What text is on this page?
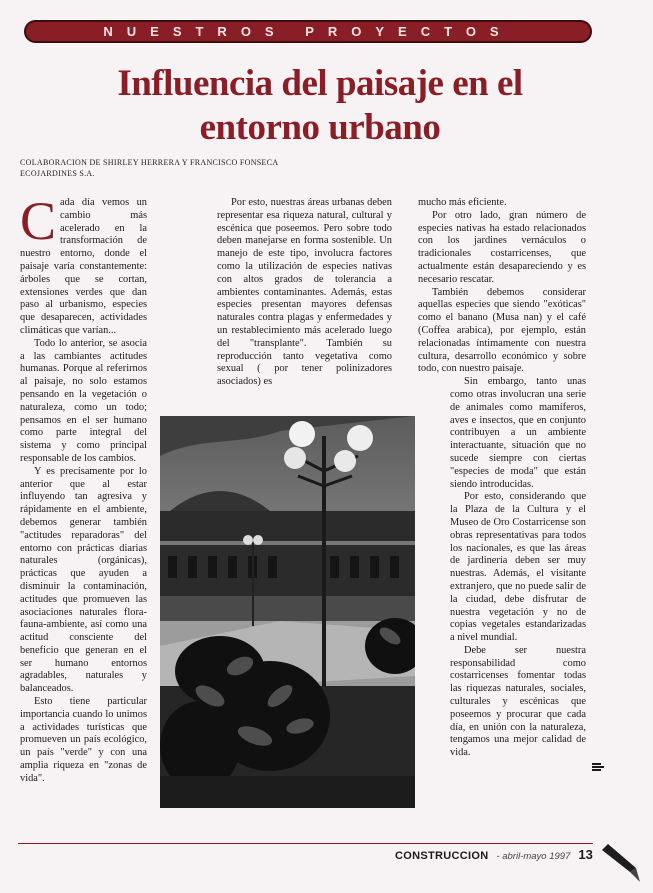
NUESTROS PROYECTOS
Influencia del paisaje en el
entorno urbano
COLABORACION DE SHIRLEY HERRERA Y FRANCISCO FONSECA
ECOJARDINES S.A.

Cada día vemos un cambio más acelerado en la transformación de nuestro entorno, donde el paisaje varía constantemente: árboles que se cortan, extensiones verdes que dan paso al urbanismo, especies que desaparecen, actividades climáticas que varían...

Todo lo anterior, se asocia a las cambiantes actitudes humanas. Porque al referirnos al paisaje, no solo estamos pensando en la vegetación o naturaleza, como un todo; pensamos en el ser humano como parte integral del sistema y como principal responsable de los cambios.

Y es precisamente por lo anterior que al estar influyendo tan agresiva y rápidamente en el ambiente, debemos generar también "actitudes reparadoras" del entorno con prácticas diarias naturales (orgánicas), prácticas que ayuden a disminuir la contaminación, actitudes que promueven las asociaciones naturales flora-fauna-ambiente, así como una actitud consciente del beneficio que generan en el ser humano entornos agradables, naturales y balanceados.

Esto tiene particular importancia cuando lo unimos a actividades turísticas que promueven un país ecológico, un país "verde" y con una amplia riqueza en "zonas de vida".

Por esto, nuestras áreas urbanas deben representar esa riqueza natural, cultural y escénica que poseemos. Pero sobre todo deben manejarse en forma sostenible. Un manejo de este tipo, involucra factores como la utilización de especies nativas con altos grados de tolerancia a ambientes contaminantes. Además, estas especies presentan mayores defensas naturales contra plagas y enfermedades y un restablecimiento más acelerado luego del "transplante". También su reproducción tanto vegetativa como sexual ( por tener polinizadores asociados) es

mucho más eficiente.

Por otro lado, gran número de especies nativas ha estado relacionados con los jardines vernáculos o tradicionales costarricenses, que actualmente están desapareciendo y es necesario rescatar.

También debemos considerar aquellas especies que siendo "exóticas" como el banano (Musa nan) y el café (Coffea arabica), por ejemplo, están relacionadas íntimamente con nuestra cultura, desarrollo económico y sobre todo, con nuestro paisaje.

Sin embargo, tanto unas como otras involucran una serie de animales como mamíferos, aves e insectos, que en conjunto contribuyen a un ambiente interactuante, situación que no sucede siempre con ciertas "especies de moda" que están siendo introducidas.

Por esto, considerando que la Plaza de la Cultura y el Museo de Oro Costarricense son obras representativas para todos los nacionales, es que las áreas de jardinería deben ser muy nuestras. Además, el visitante extranjero, que no puede salir de la ciudad, debe disfrutar de nuestra vegetación y no de copias vegetales estandarizadas a nivel mundial.

Debe ser nuestra responsabilidad como costarricenses fomentar todas las riquezas naturales, sociales, culturales y escénicas que poseemos y procurar que cada día, en unión con la naturaleza, tengamos una mejor calidad de vida.

CONSTRUCCION - abril-mayo 1997 13
